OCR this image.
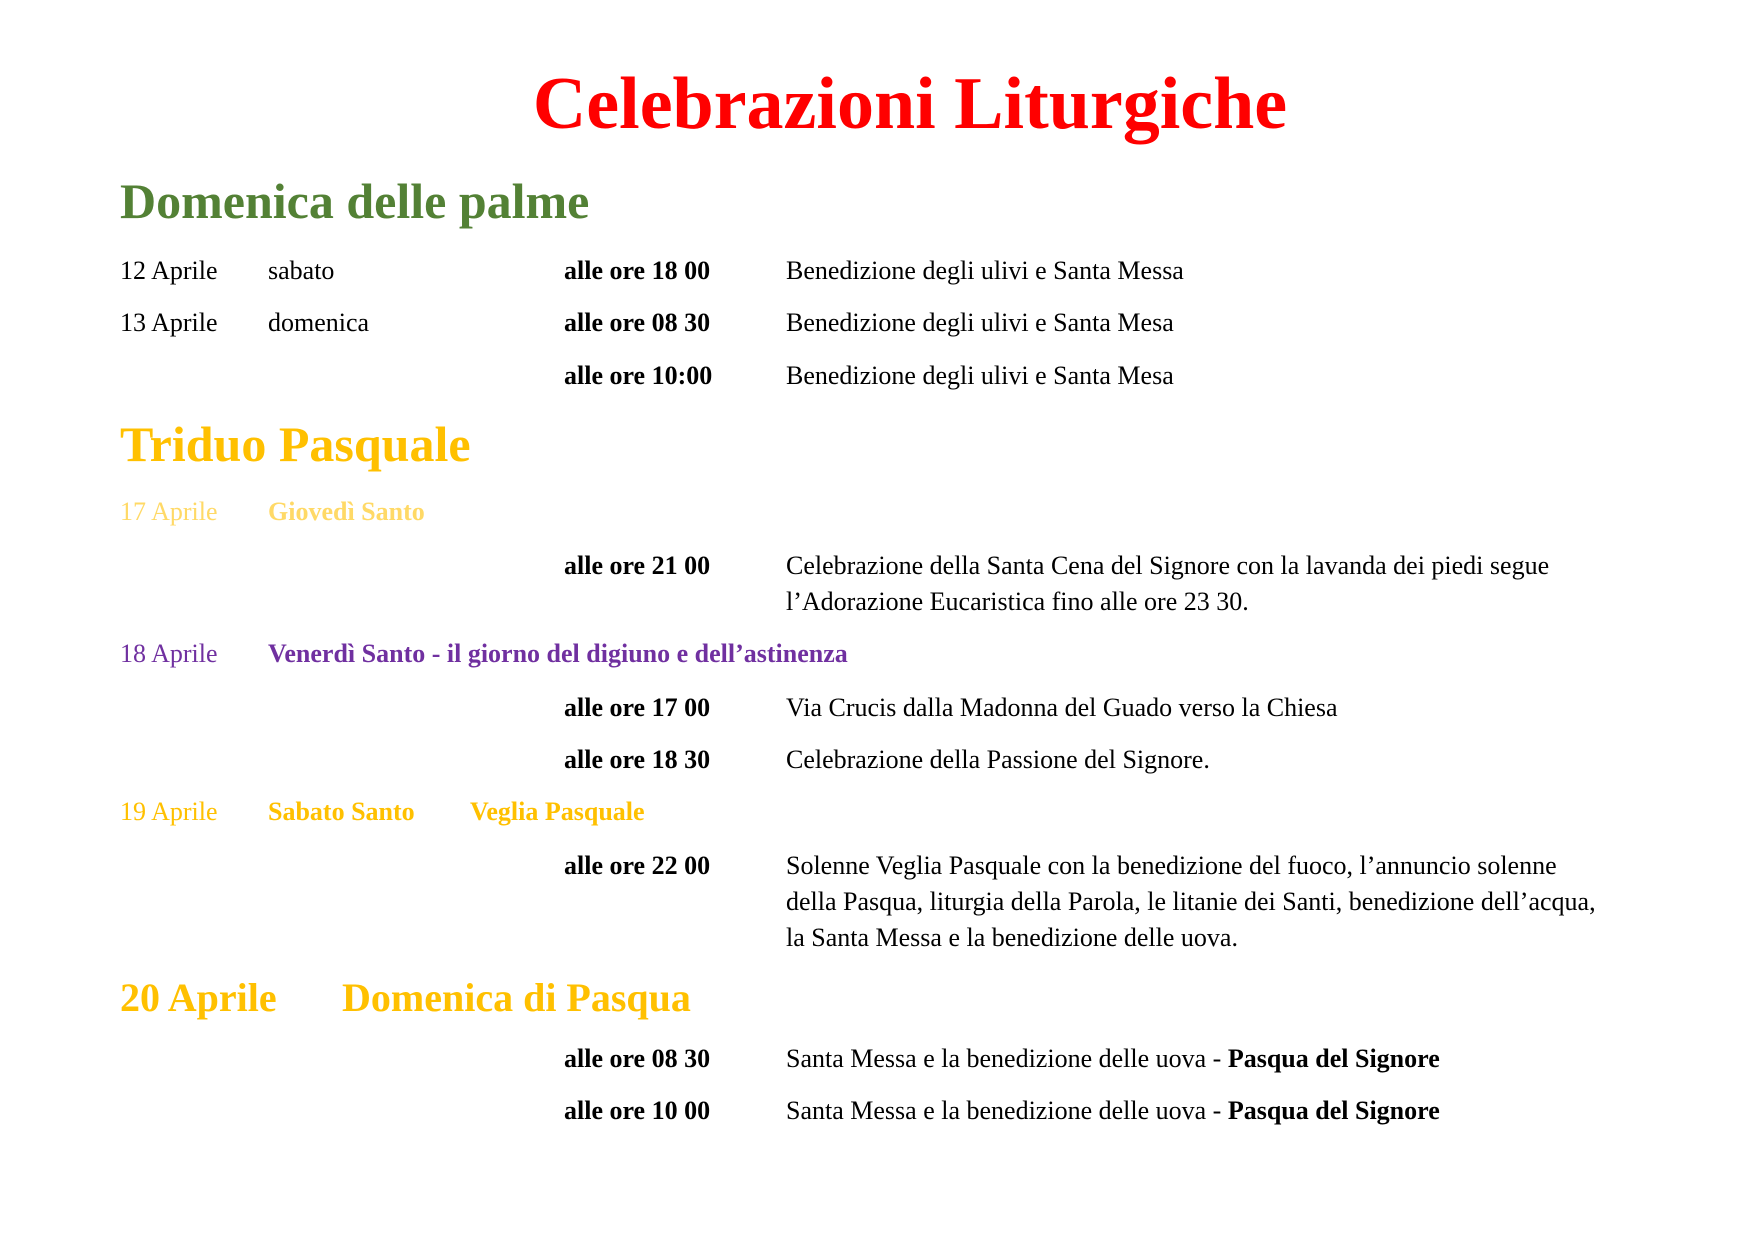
Celebrazioni Liturgiche
Domenica delle palme
12 Aprile sabato	alle ore 18 00	Benedizione degli ulivi e Santa Messa
13 Aprile domenica	alle ore 08 30	Benedizione degli ulivi e Santa Mesa
alle ore 10:00	Benedizione degli ulivi e Santa Mesa
Triduo Pasquale
17 Aprile Giovedì Santo
alle ore 21 00	Celebrazione della Santa Cena del Signore con la lavanda dei piedi segue
l’Adorazione Eucaristica fino alle ore 23 30.
18 Aprile Venerdì Santo - il giorno del digiuno e dell’astinenza
alle ore 17 00	Via Crucis dalla Madonna del Guado verso la Chiesa
alle ore 18 30	Celebrazione della Passione del Signore.
19 Aprile Sabato Santo Veglia Pasquale
alle ore 22 00	Solenne Veglia Pasquale con la benedizione del fuoco, l’annuncio solenne
della Pasqua, liturgia della Parola, le litanie dei Santi, benedizione dell’acqua,
la Santa Messa e la benedizione delle uova.
20 Aprile Domenica di Pasqua
alle ore 08 30	Santa Messa e la benedizione delle uova - Pasqua del Signore
alle ore 10 00	Santa Messa e la benedizione delle uova - Pasqua del Signore
